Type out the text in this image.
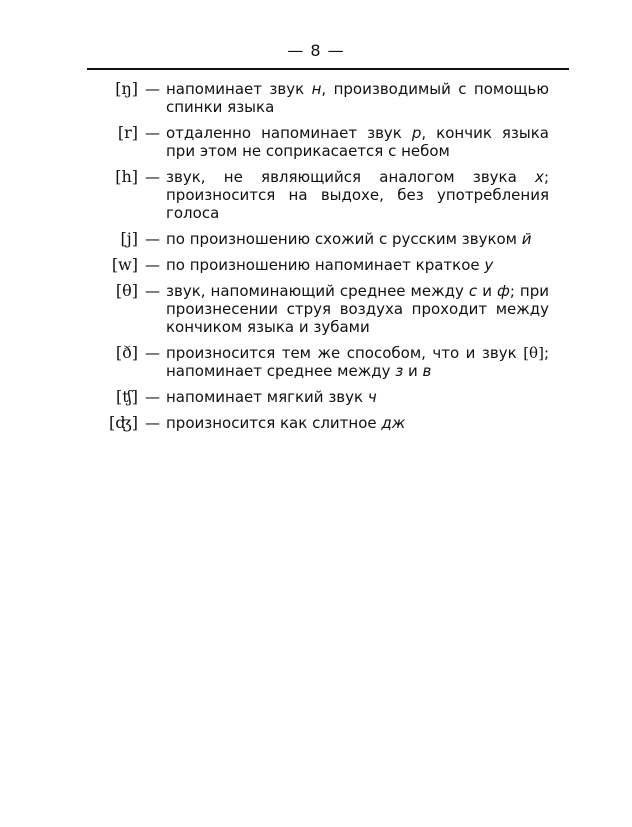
— 8 —
[ŋ] — напоминает звук н, производимый с помощью спинки языка
[r] — отдаленно напоминает звук р, кончик языка при этом не соприкасается с небом
[h] — звук, не являющийся аналогом звука х; произносится на выдохе, без употребления голоса
[j] — по произношению схожий с русским звуком й
[w] — по произношению напоминает краткое у
[θ] — звук, напоминающий среднее между с и ф; при произнесении струя воздуха проходит между кончиком языка и зубами
[ð] — произносится тем же способом, что и звук [θ]; напоминает среднее между з и в
[ʧ] — напоминает мягкий звук ч
[ʤ] — произносится как слитное дж
